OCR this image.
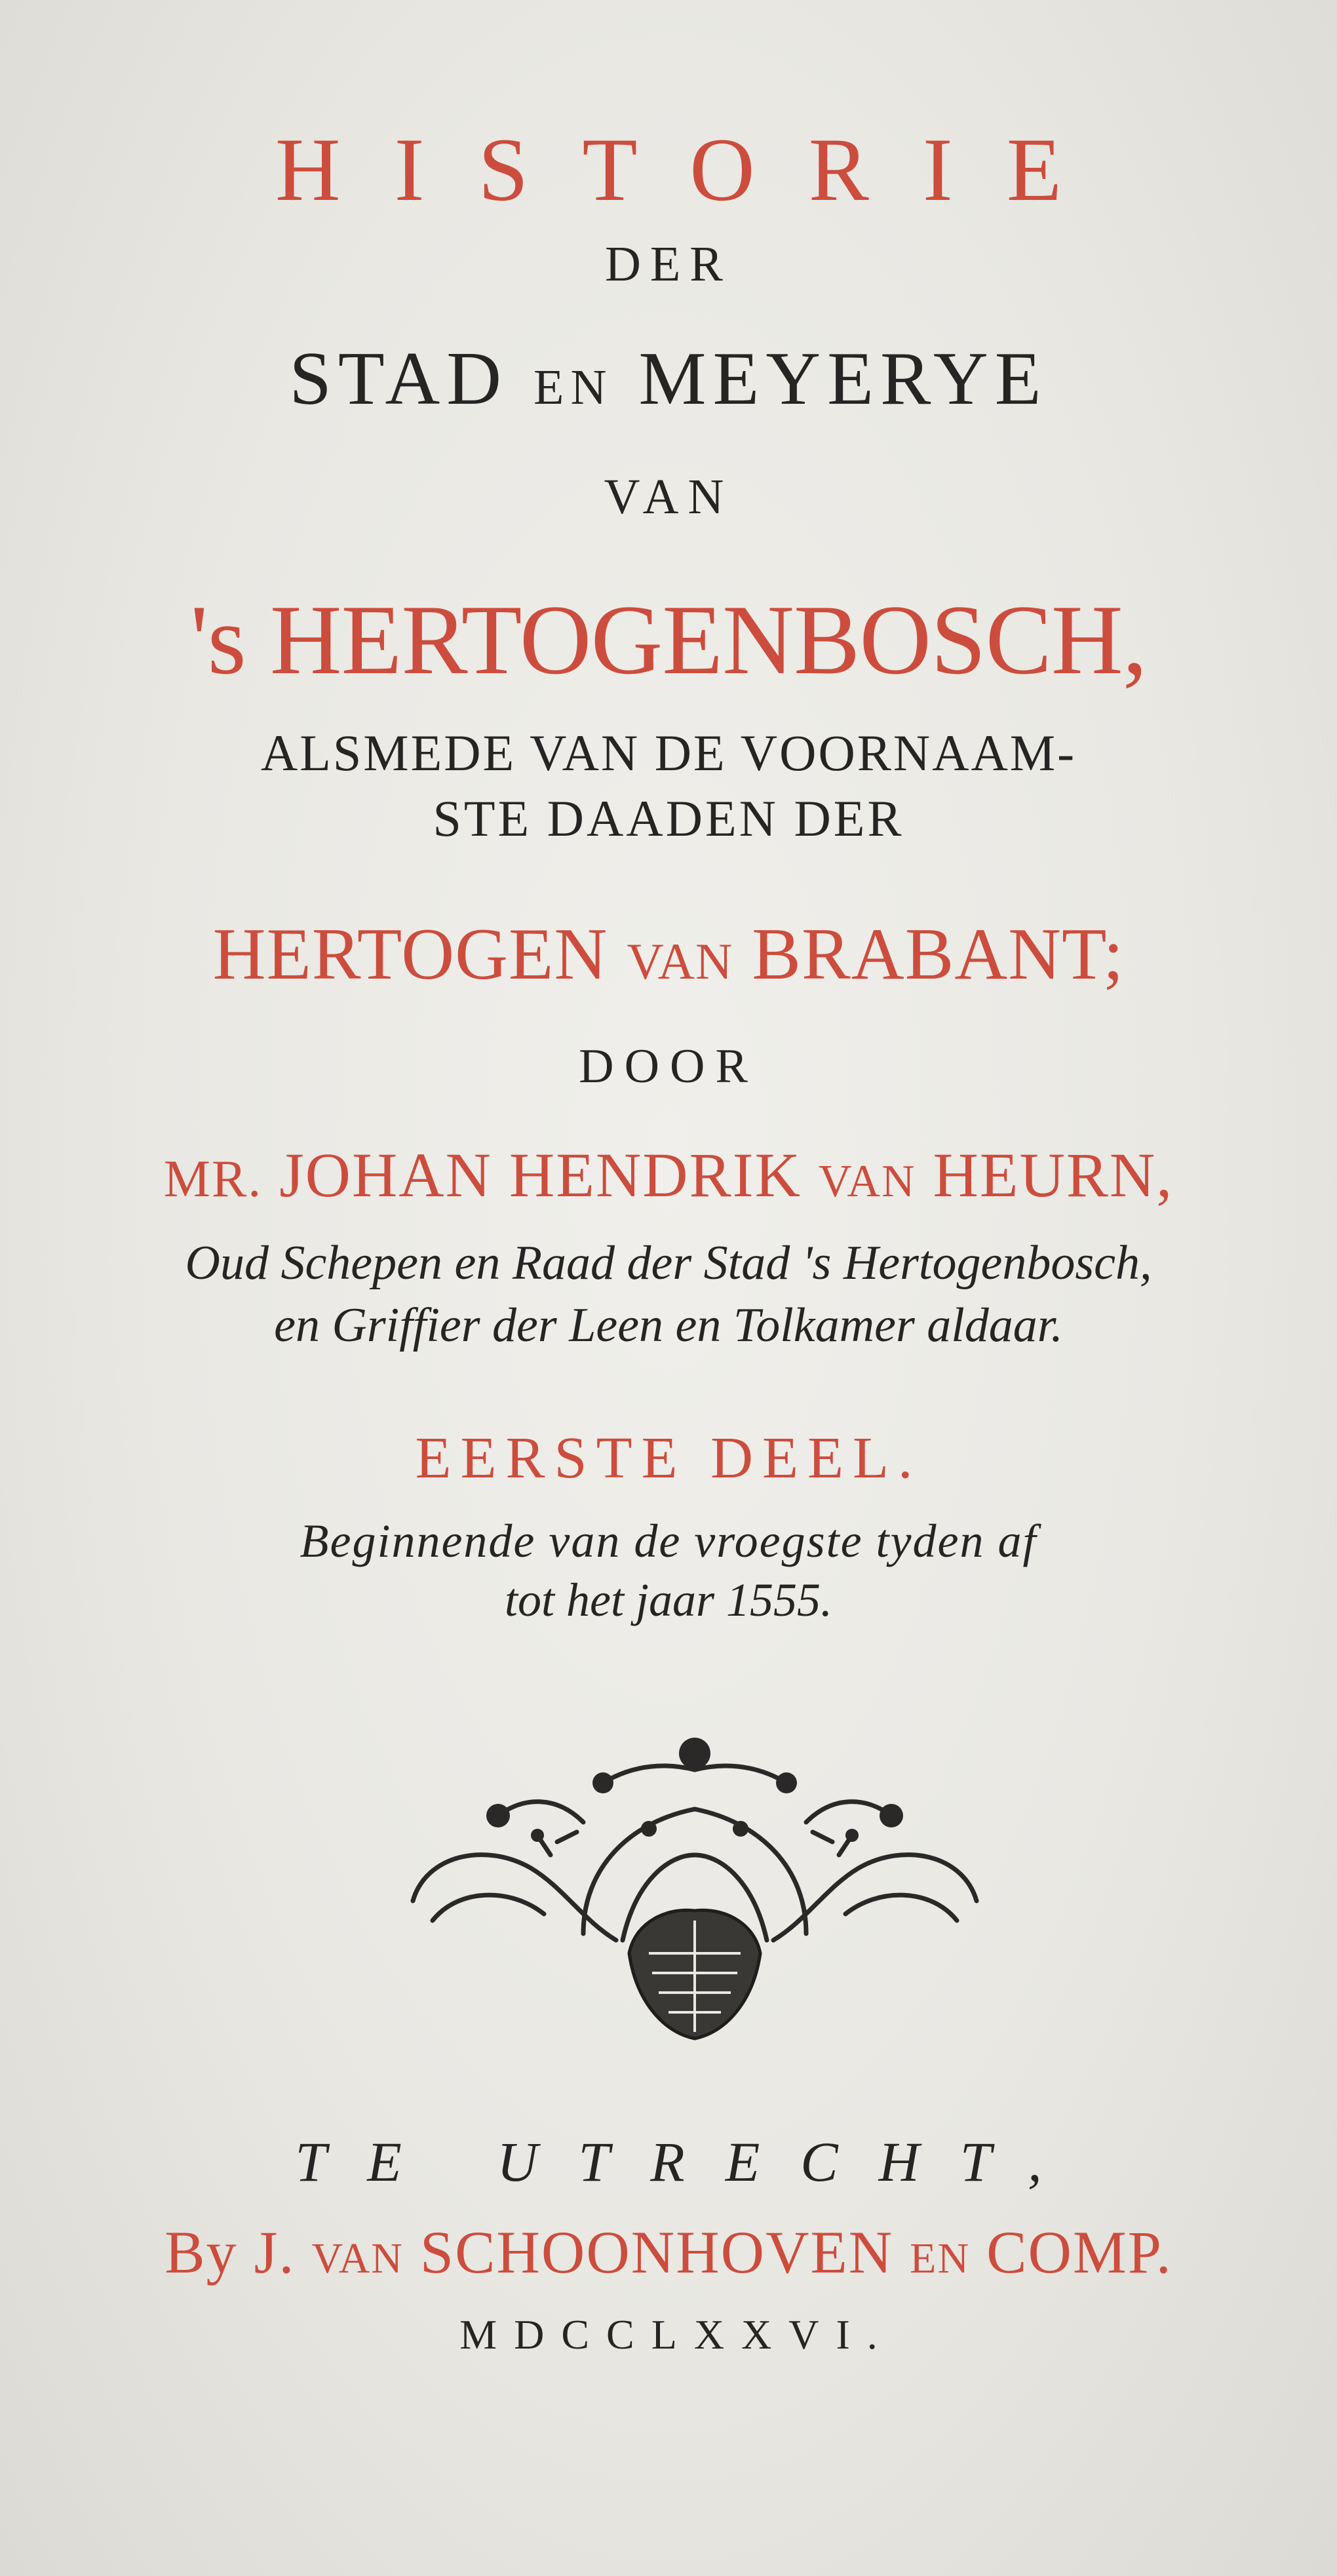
HISTORIE
DER
STAD EN MEYERYE
VAN
's HERTOGENBOSCH,
ALSMEDE VAN DE VOORNAAM-
STE DAADEN DER
HERTOGEN VAN BRABANT;
DOOR
MR. JOHAN HENDRIK VAN HEURN,
Oud Schepen en Raad der Stad 's Hertogenbosch,
en Griffier der Leen en Tolkamer aldaar.
EERSTE DEEL.
Beginnende van de vroegste tyden af
tot het jaar 1555.
TE UTRECHT,
By J. VAN SCHOONHOVEN EN COMP.
MDCCLXXVI.
